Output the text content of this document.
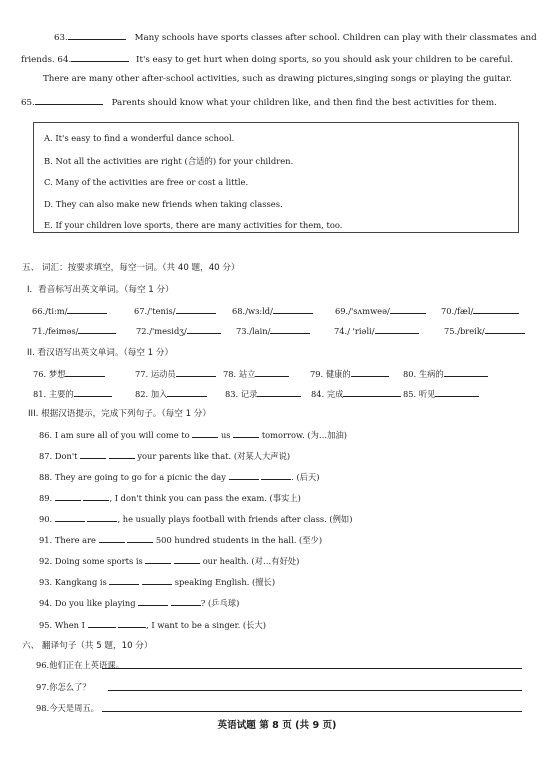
63.	Many schools have sports classes after school. Children can play with their classmates and
friends. 64.	It's easy to get hurt when doing sports, so you should ask your children to be careful.
There are many other after-school activities, such as drawing pictures,singing songs or playing the guitar.
65.	Parents should know what your children like, and then find the best activities for them.
A. It's easy to find a wonderful dance school.
B. Not all the activities are right (合适的) for your children.
C. Many of the activities are free or cost a little.
D. They can also make new friends when taking classes.
E. If your children love sports, there are many activities for them, too.
五、 词汇：按要求填空，每空一词。（共 40 题，40 分）
I．看音标写出英文单词。（每空 1 分）
66./ti:m/	67./'tenis/	68./wɜ:ld/	69./'sʌmweə/	70./fæl/
71./feiməs/	72./'mesidʒ/	73./lain/	74./ 'riəli/	75./breik/
II. 看汉语写出英文单词。（每空 1 分）
76. 梦想	77. 运动员	78. 站立	79. 健康的	80. 生病的
81. 主要的	82. 加入	83. 记录	84. 完成	85. 听见
III. 根据汉语提示，完成下列句子。（每空 1 分）
86. I am sure all of you will come to	us	tomorrow. (为…加油)
87. Don't	your parents like that. (对某人大声说)
88. They are going to go for a picnic the day	. (后天)
89.	, I don't think you can pass the exam. (事实上)
90.	, he usually plays football with friends after class. (例如)
91. There are	500 hundred students in the hall. (至少)
92. Doing some sports is	our health. (对…有好处)
93. Kangkang is	speaking English. (擅长)
94. Do you like playing	? (乒乓球)
95. When I	, I want to be a singer. (长大)
六、 翻译句子（共 5 题，10 分）
96.他们正在上英语课。
97.你怎么了？
98.今天是周五。
英语试题 第 8 页 (共 9 页)
